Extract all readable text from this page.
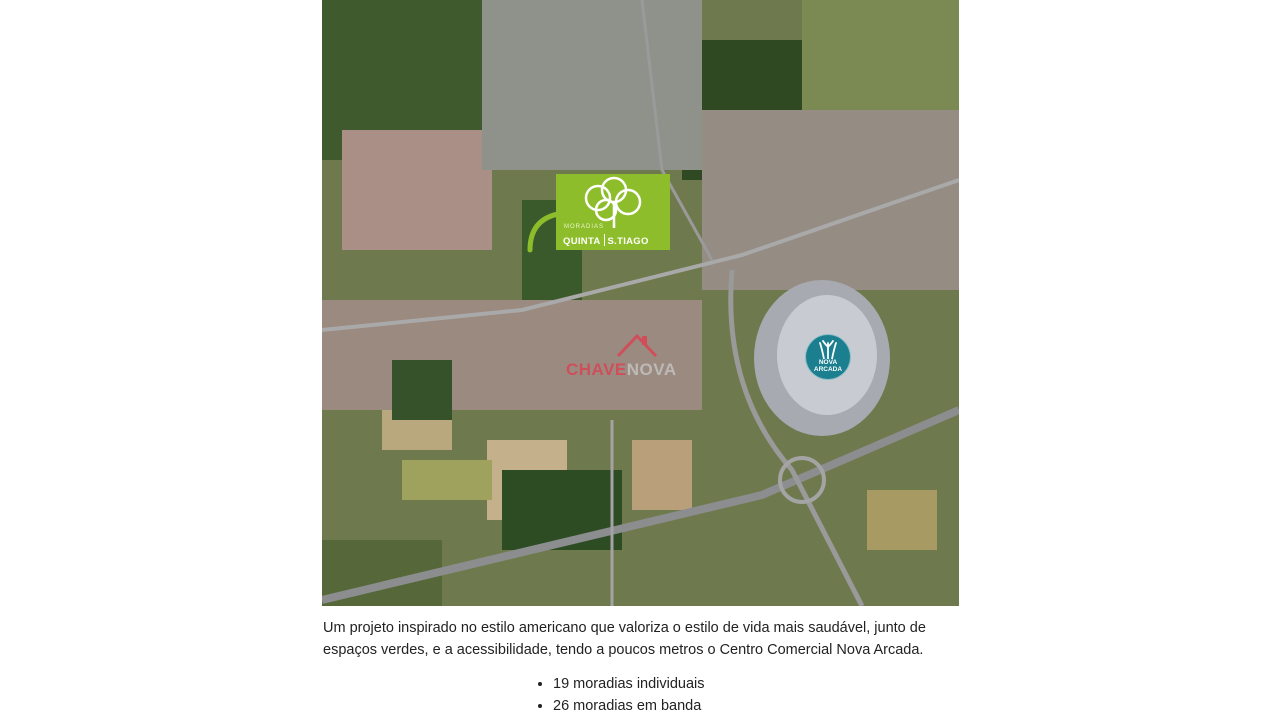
MORADIAS
QUINTA S.TIAGO
CHAVENOVA	NOVA
ARCADA

Um projeto inspirado no estilo americano que valoriza o estilo de vida mais saudável, junto de espaços verdes, e a acessibilidade, tendo a poucos metros o Centro Comercial Nova Arcada.

• 19 moradias individuais
• 26 moradias em banda
